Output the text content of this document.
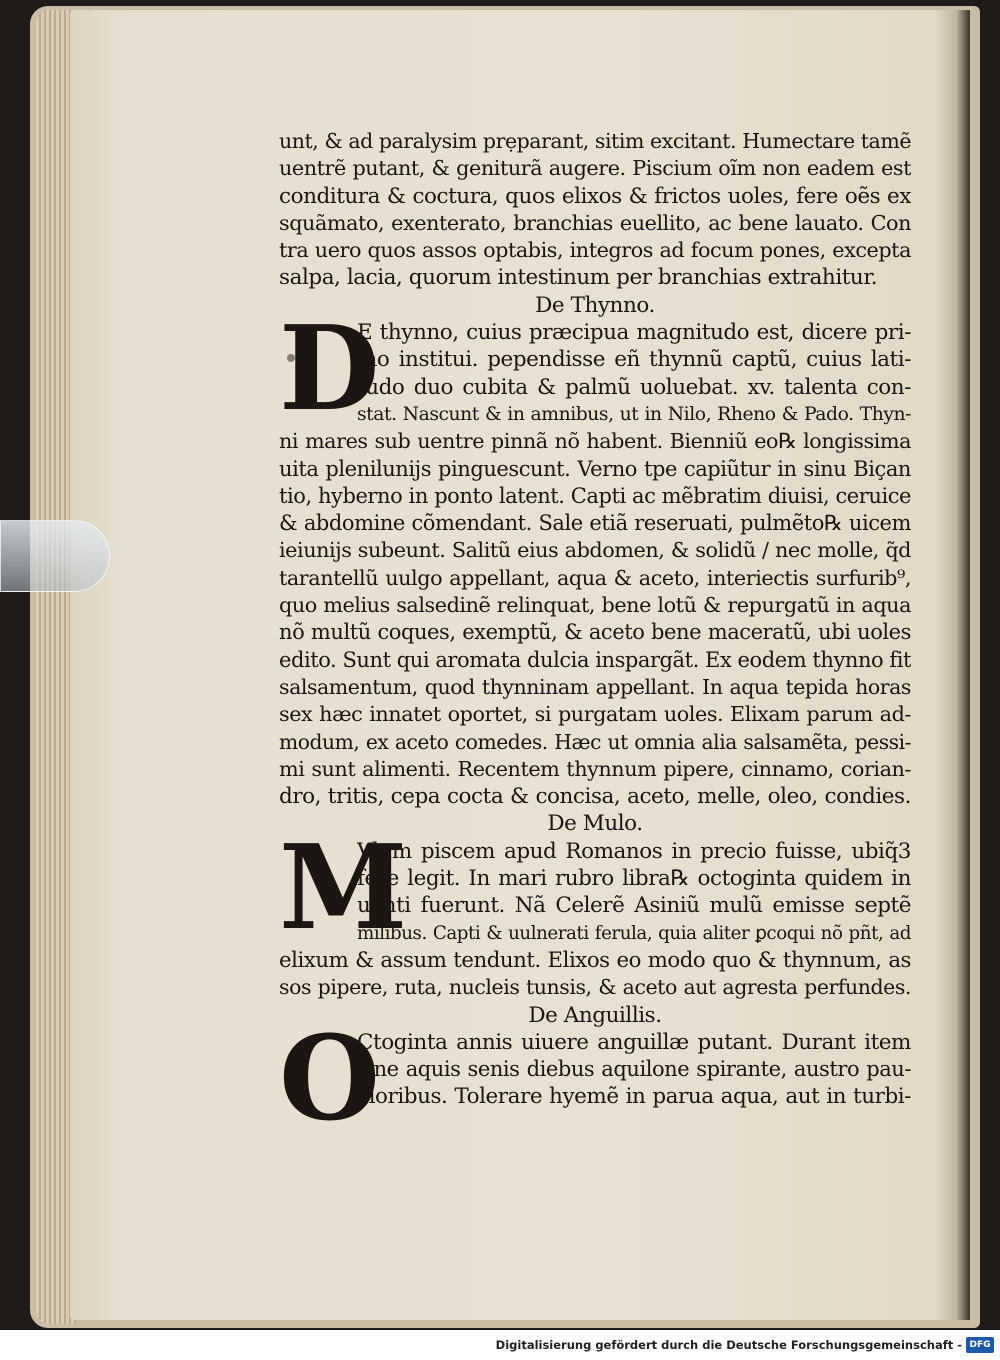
unt, & ad paralysim prẹparant, sitim excitant. Humectare tamẽ
uentrẽ putant, & geniturã augere. Piscium oĩm non eadem est
conditura & coctura, quos elixos & frictos uoles, fere oẽs ex
squãmato, exenterato, branchias euellito, ac bene lauato. Con
tra uero quos assos optabis, integros ad focum pones, excepta
salpa, lacia, quorum intestinum per branchias extrahitur.
De Thynno.
D
E thynno, cuius præcipua magnitudo est, dicere pri-
mo institui. pependisse eñ thynnũ captũ, cuius lati-
tudo duo cubita & palmũ uoluebat. xv. talenta con-
stat. Nascunt & in amnibus, ut in Nilo, Rheno & Pado. Thyn-
ni mares sub uentre pinnã nõ habent. Bienniũ eo℞ longissima
uita plenilunijs pinguescunt. Verno tpe capiũtur in sinu Biçan
tio, hyberno in ponto latent. Capti ac mẽbratim diuisi, ceruice
& abdomine cõmendant. Sale etiã reseruati, pulmẽto℞ uicem
ieiunijs subeunt. Salitũ eius abdomen, & solidũ / nec molle, q̃d
tarantellũ uulgo appellant, aqua & aceto, interiectis surfurib⁹,
quo melius salsedinẽ relinquat, bene lotũ & repurgatũ in aqua
nõ multũ coques, exemptũ, & aceto bene maceratũ, ubi uoles
edito. Sunt qui aromata dulcia inspargãt. Ex eodem thynno fit
salsamentum, quod thynninam appellant. In aqua tepida horas
sex hæc innatet oportet, si purgatam uoles. Elixam parum ad-
modum, ex aceto comedes. Hæc ut omnia alia salsamẽta, pessi-
mi sunt alimenti. Recentem thynnum pipere, cinnamo, corian-
dro, tritis, cepa cocta & concisa, aceto, melle, oleo, condies.
De Mulo.
M
Vlum piscem apud Romanos in precio fuisse, ubiq̃3
fere legit. In mari rubro libra℞ octoginta quidem in
uenti fuerunt. Nã Celerẽ Asiniũ mulũ emisse septẽ
milibus. Capti & uulnerati ferula, quia aliter ꝑcoqui nõ pñt, ad
elixum & assum tendunt. Elixos eo modo quo & thynnum, as
sos pipere, ruta, nucleis tunsis, & aceto aut agresta perfundes.
De Anguillis.
O
Ctoginta annis uiuere anguillæ putant. Durant item
sine aquis senis diebus aquilone spirante, austro pau-
cioribus. Tolerare hyemẽ in parua aqua, aut in turbi-
Digitalisierung gefördert durch die Deutsche Forschungsgemeinschaft - DFG
